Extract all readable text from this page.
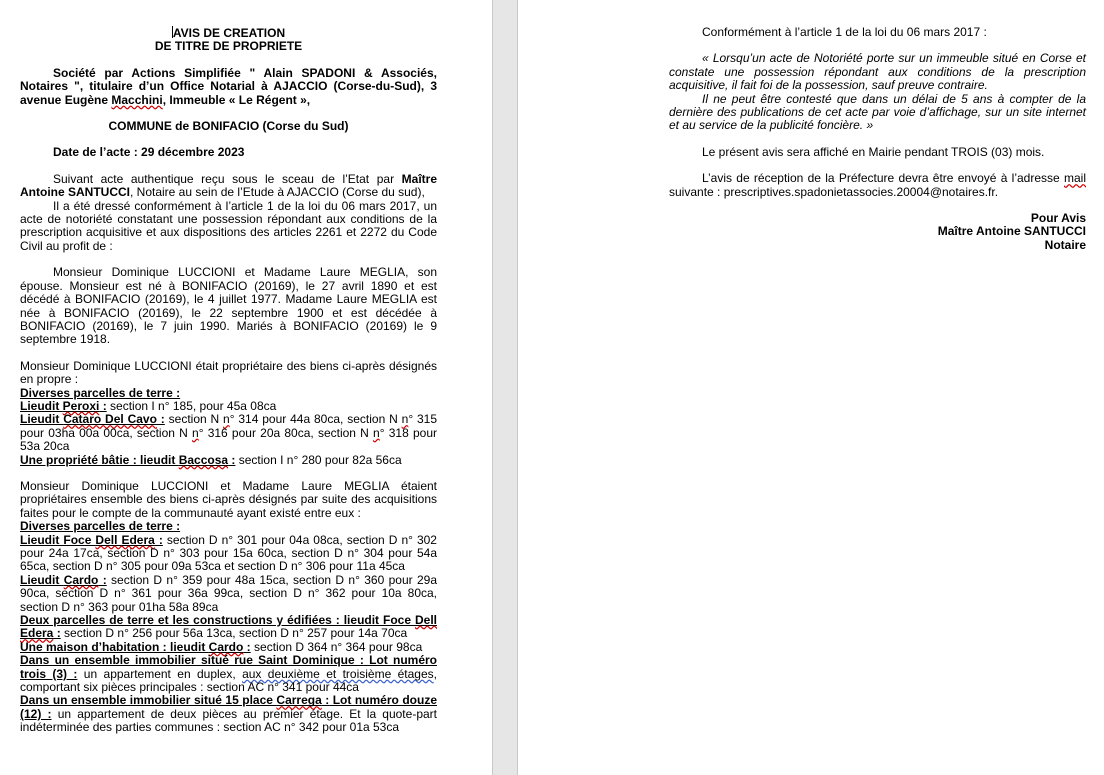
AVIS DE CREATION
DE TITRE DE PROPRIETE
Société par Actions Simplifiée " Alain SPADONI & Associés, Notaires ", titulaire d’un Office Notarial à AJACCIO (Corse-du-Sud), 3 avenue Eugène Macchini, Immeuble « Le Régent »,
COMMUNE de BONIFACIO (Corse du Sud)
Date de l’acte : 29 décembre 2023
Suivant acte authentique reçu sous le sceau de l’Etat par Maître Antoine SANTUCCI, Notaire au sein de l’Etude à AJACCIO (Corse du sud),
Il a été dressé conformément à l’article 1 de la loi du 06 mars 2017, un acte de notoriété constatant une possession répondant aux conditions de la prescription acquisitive et aux dispositions des articles 2261 et 2272 du Code Civil au profit de :
Monsieur Dominique LUCCIONI et Madame Laure MEGLIA, son épouse. Monsieur est né à BONIFACIO (20169), le 27 avril 1890 et est décédé à BONIFACIO (20169), le 4 juillet 1977. Madame Laure MEGLIA est née à BONIFACIO (20169), le 22 septembre 1900 et est décédée à BONIFACIO (20169), le 7 juin 1990. Mariés à BONIFACIO (20169) le 9 septembre 1918.
Monsieur Dominique LUCCIONI était propriétaire des biens ci-après désignés en propre :
Diverses parcelles de terre :
Lieudit Peroxi : section I n° 185, pour 45a 08ca
Lieudit Cataro Del Cavo : section N n° 314 pour 44a 80ca, section N n° 315 pour 03ha 00a 00ca, section N n° 316 pour 20a 80ca, section N n° 318 pour 53a 20ca
Une propriété bâtie : lieudit Baccosa : section I n° 280 pour 82a 56ca
Monsieur Dominique LUCCIONI et Madame Laure MEGLIA étaient propriétaires ensemble des biens ci-après désignés par suite des acquisitions faites pour le compte de la communauté ayant existé entre eux :
Diverses parcelles de terre :
Lieudit Foce Dell Edera : section D n° 301 pour 04a 08ca, section D n° 302 pour 24a 17ca, section D n° 303 pour 15a 60ca, section D n° 304 pour 54a 65ca, section D n° 305 pour 09a 53ca et section D n° 306 pour 11a 45ca
Lieudit Cardo : section D n° 359 pour 48a 15ca, section D n° 360 pour 29a 90ca, section D n° 361 pour 36a 99ca, section D n° 362 pour 10a 80ca, section D n° 363 pour 01ha 58a 89ca
Deux parcelles de terre et les constructions y édifiées : lieudit Foce Dell Edera : section D n° 256 pour 56a 13ca, section D n° 257 pour 14a 70ca
Une maison d’habitation : lieudit Cardo : section D 364 n° 364 pour 98ca
Dans un ensemble immobilier situé rue Saint Dominique : Lot numéro trois (3) : un appartement en duplex, aux deuxième et troisième étages, comportant six pièces principales : section AC n° 341 pour 44ca
Dans un ensemble immobilier situé 15 place Carrega : Lot numéro douze (12) : un appartement de deux pièces au premier étage. Et la quote-part indéterminée des parties communes : section AC n° 342 pour 01a 53ca
Conformément à l’article 1 de la loi du 06 mars 2017 :
« Lorsqu’un acte de Notoriété porte sur un immeuble situé en Corse et constate une possession répondant aux conditions de la prescription acquisitive, il fait foi de la possession, sauf preuve contraire.
Il ne peut être contesté que dans un délai de 5 ans à compter de la dernière des publications de cet acte par voie d’affichage, sur un site internet et au service de la publicité foncière. »
Le présent avis sera affiché en Mairie pendant TROIS (03) mois.
L’avis de réception de la Préfecture devra être envoyé à l’adresse mail suivante : prescriptives.spadonietassocies.20004@notaires.fr.
Pour Avis
Maître Antoine SANTUCCI
Notaire
